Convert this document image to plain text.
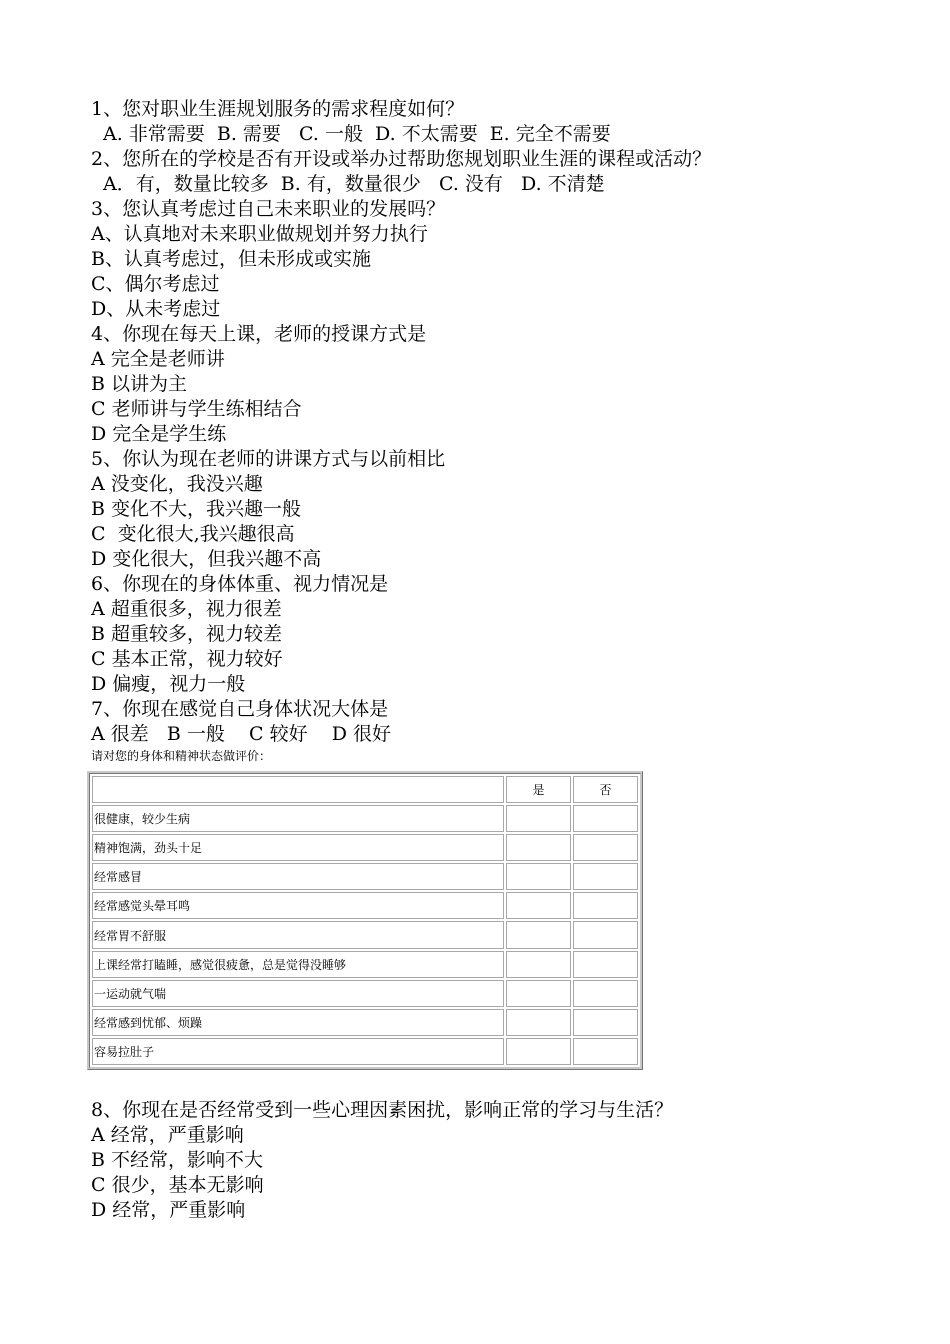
1、您对职业生涯规划服务的需求程度如何？
A. 非常需要  B. 需要   C. 一般  D. 不太需要  E. 完全不需要
2、您所在的学校是否有开设或举办过帮助您规划职业生涯的课程或活动？
A．有，数量比较多  B. 有，数量很少   C. 没有   D. 不清楚
3、您认真考虑过自己未来职业的发展吗？
A、认真地对未来职业做规划并努力执行
B、认真考虑过，但未形成或实施
C、偶尔考虑过
D、从未考虑过
4、你现在每天上课，老师的授课方式是
A 完全是老师讲
B 以讲为主
C 老师讲与学生练相结合
D 完全是学生练
5、你认为现在老师的讲课方式与以前相比
A 没变化，我没兴趣
B 变化不大，我兴趣一般
C  变化很大,我兴趣很高
D 变化很大，但我兴趣不高
6、你现在的身体体重、视力情况是
A 超重很多，视力很差
B 超重较多，视力较差
C 基本正常，视力较好
D 偏瘦，视力一般
7、你现在感觉自己身体状况大体是
A 很差   B 一般    C 较好    D 很好
请对您的身体和精神状态做评价：
	是	否
很健康，较少生病		
精神饱满，劲头十足		
经常感冒		
经常感觉头晕耳鸣		
经常胃不舒服		
上课经常打瞌睡，感觉很疲惫，总是觉得没睡够		
一运动就气喘		
经常感到忧郁、烦躁		
容易拉肚子		
8、你现在是否经常受到一些心理因素困扰，影响正常的学习与生活？
A 经常，严重影响
B 不经常，影响不大
C 很少，基本无影响
D 经常，严重影响
